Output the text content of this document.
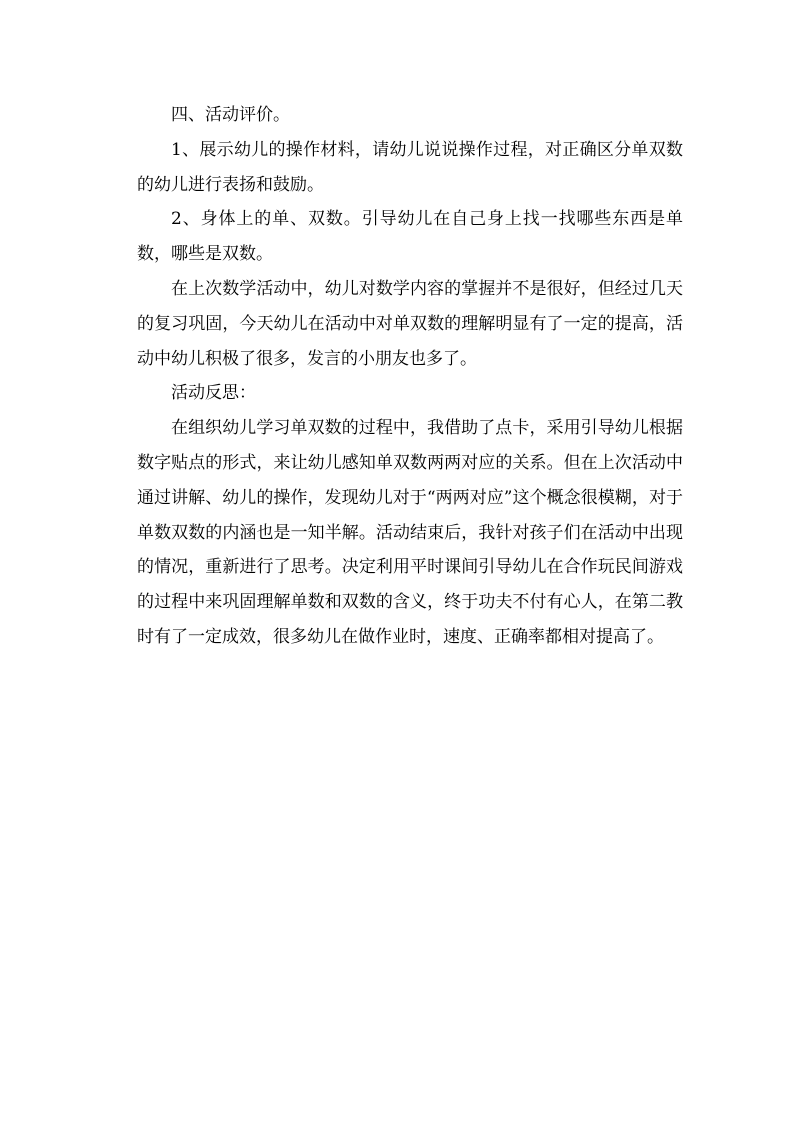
四、活动评价。

1、展示幼儿的操作材料，请幼儿说说操作过程，对正确区分单双数的幼儿进行表扬和鼓励。

2、身体上的单、双数。引导幼儿在自己身上找一找哪些东西是单数，哪些是双数。

在上次数学活动中，幼儿对数学内容的掌握并不是很好，但经过几天的复习巩固，今天幼儿在活动中对单双数的理解明显有了一定的提高，活动中幼儿积极了很多，发言的小朋友也多了。

活动反思：

在组织幼儿学习单双数的过程中，我借助了点卡，采用引导幼儿根据数字贴点的形式，来让幼儿感知单双数两两对应的关系。但在上次活动中通过讲解、幼儿的操作，发现幼儿对于“两两对应”这个概念很模糊，对于单数双数的内涵也是一知半解。活动结束后，我针对孩子们在活动中出现的情况，重新进行了思考。决定利用平时课间引导幼儿在合作玩民间游戏的过程中来巩固理解单数和双数的含义，终于功夫不付有心人，在第二教时有了一定成效，很多幼儿在做作业时，速度、正确率都相对提高了。
